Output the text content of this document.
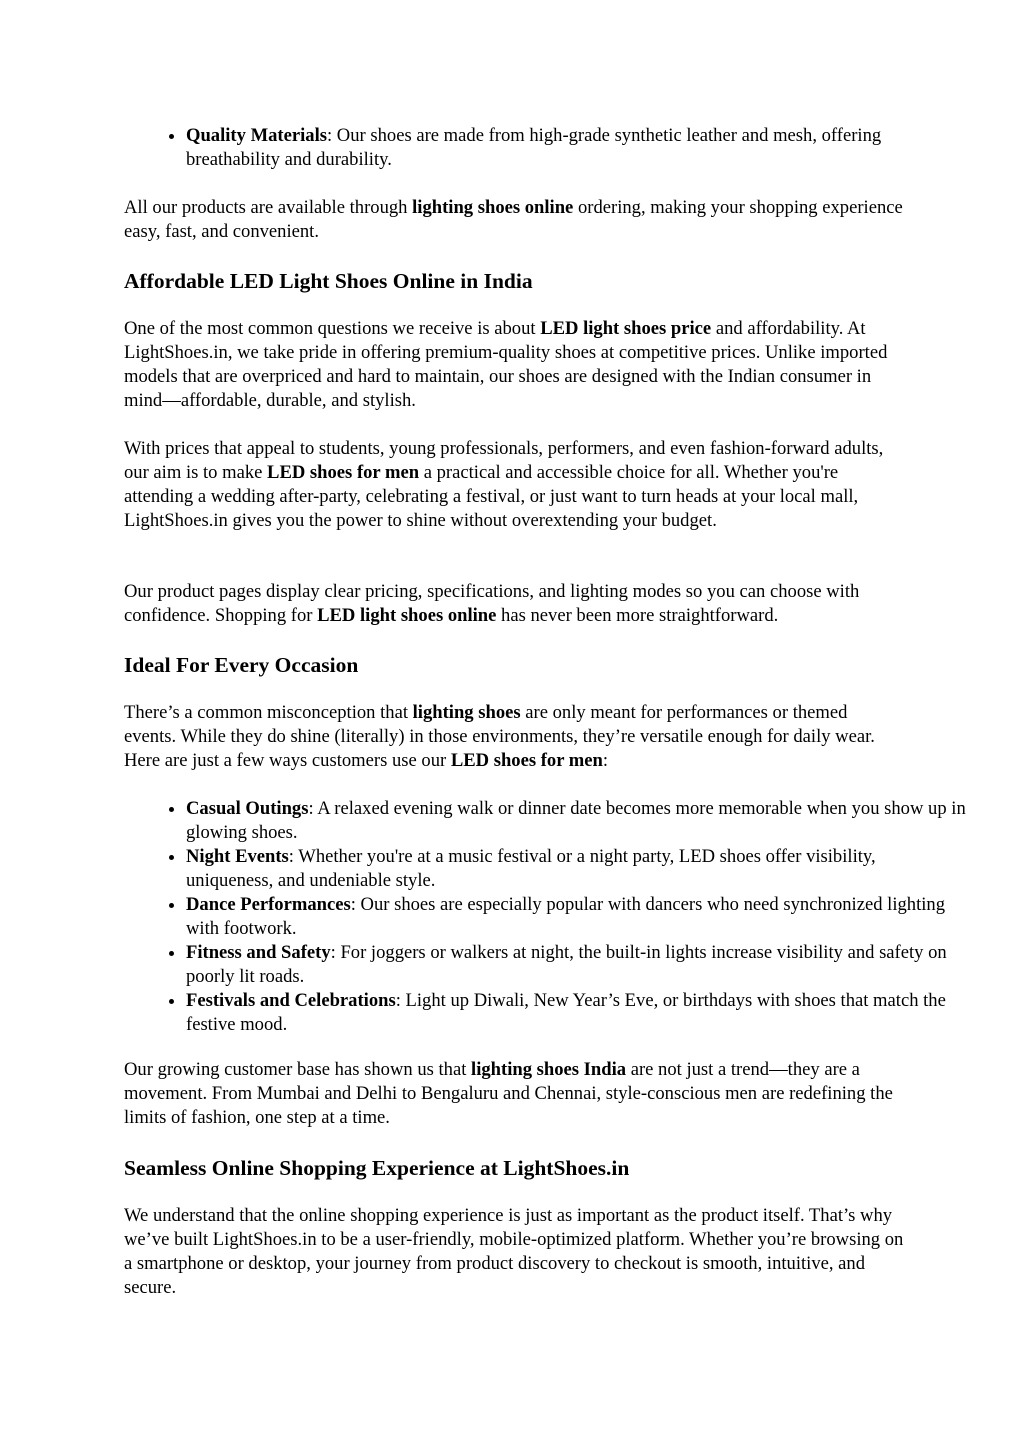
• Quality Materials: Our shoes are made from high-grade synthetic leather and mesh, offering breathability and durability.

All our products are available through lighting shoes online ordering, making your shopping experience easy, fast, and convenient.

Affordable LED Light Shoes Online in India

One of the most common questions we receive is about LED light shoes price and affordability. At LightShoes.in, we take pride in offering premium-quality shoes at competitive prices. Unlike imported models that are overpriced and hard to maintain, our shoes are designed with the Indian consumer in mind—affordable, durable, and stylish.

With prices that appeal to students, young professionals, performers, and even fashion-forward adults, our aim is to make LED shoes for men a practical and accessible choice for all. Whether you're attending a wedding after-party, celebrating a festival, or just want to turn heads at your local mall, LightShoes.in gives you the power to shine without overextending your budget.

Our product pages display clear pricing, specifications, and lighting modes so you can choose with confidence. Shopping for LED light shoes online has never been more straightforward.

Ideal For Every Occasion

There’s a common misconception that lighting shoes are only meant for performances or themed events. While they do shine (literally) in those environments, they’re versatile enough for daily wear. Here are just a few ways customers use our LED shoes for men:

• Casual Outings: A relaxed evening walk or dinner date becomes more memorable when you show up in glowing shoes.
• Night Events: Whether you're at a music festival or a night party, LED shoes offer visibility, uniqueness, and undeniable style.
• Dance Performances: Our shoes are especially popular with dancers who need synchronized lighting with footwork.
• Fitness and Safety: For joggers or walkers at night, the built-in lights increase visibility and safety on poorly lit roads.
• Festivals and Celebrations: Light up Diwali, New Year’s Eve, or birthdays with shoes that match the festive mood.

Our growing customer base has shown us that lighting shoes India are not just a trend—they are a movement. From Mumbai and Delhi to Bengaluru and Chennai, style-conscious men are redefining the limits of fashion, one step at a time.

Seamless Online Shopping Experience at LightShoes.in

We understand that the online shopping experience is just as important as the product itself. That’s why we’ve built LightShoes.in to be a user-friendly, mobile-optimized platform. Whether you’re browsing on a smartphone or desktop, your journey from product discovery to checkout is smooth, intuitive, and secure.
